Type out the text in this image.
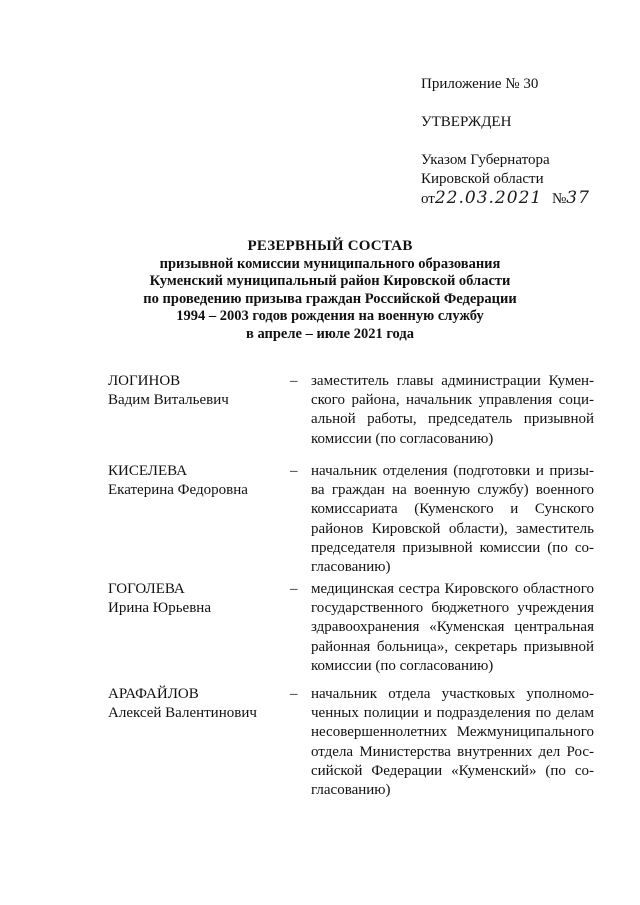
Приложение № 30
УТВЕРЖДЕН
Указом Губернатора
Кировской области
от22.03.2021 №37
РЕЗЕРВНЫЙ СОСТАВ
призывной комиссии муниципального образования
Куменский муниципальный район Кировской области
по проведению призыва граждан Российской Федерации
1994 – 2003 годов рождения на военную службу
в апреле – июле 2021 года
ЛОГИНОВ
Вадим Витальевич
– заместитель главы администрации Куменского района, начальник управления социальной работы, председатель призывной комиссии (по согласованию)
КИСЕЛЕВА
Екатерина Федоровна
– начальник отделения (подготовки и призыва граждан на военную службу) военного комиссариата (Куменского и Сунского районов Кировской области), заместитель председателя призывной комиссии (по согласованию)
ГОГОЛЕВА
Ирина Юрьевна
– медицинская сестра Кировского областного государственного бюджетного учреждения здравоохранения «Куменская центральная районная больница», секретарь призывной комиссии (по согласованию)
АРАФАЙЛОВ
Алексей Валентинович
– начальник отдела участковых уполномоченных полиции и подразделения по делам несовершеннолетних Межмуниципального отдела Министерства внутренних дел Российской Федерации «Куменский» (по согласованию)
